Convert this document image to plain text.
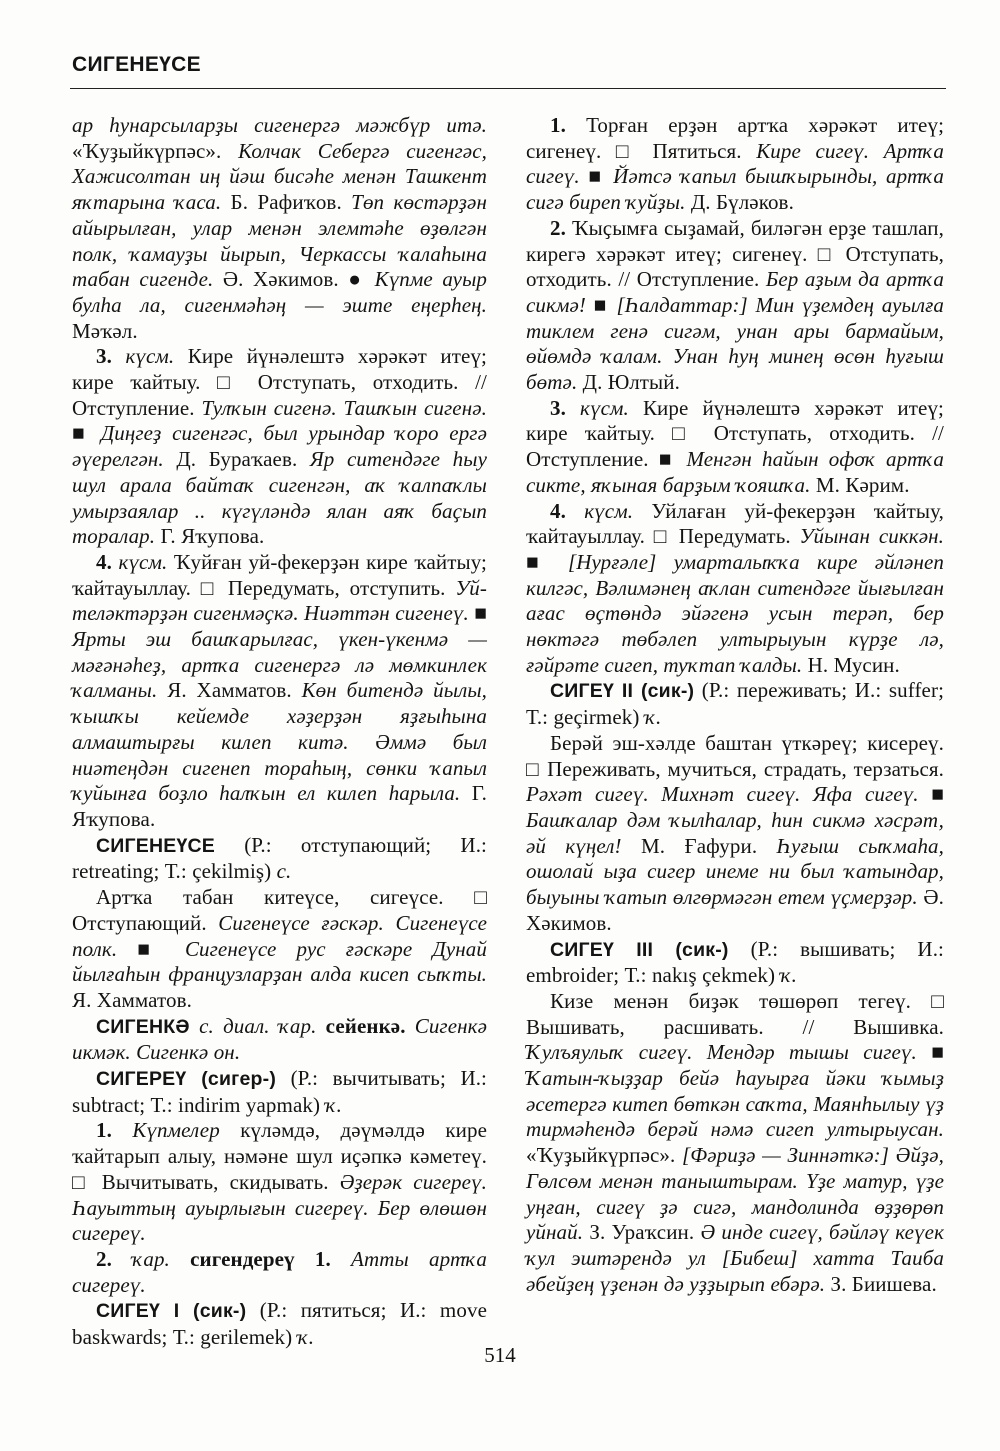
СИГЕНЕҮСЕ

ар һунарсыларҙы сигенергә мәжбүр итә. «Ҡуҙыйкүрпәс». Колчак Себергә сигенгәс, Хажисолтан иң йәш бисәһе менән Ташкент яҡтарына ҡаса. Б. Рафиҡов. Төп көстәрҙән айырылған, улар менән элемтәһе өҙөлгән полк, ҡамауҙы йырып, Черкассы ҡалаһына табан сигенде. Ә. Хәкимов. ● Күпме ауыр булһа ла, сигенмәһәң — эште еңерһең. Мәҡәл.

3. күсм. Кире йүнәлештә хәрәкәт итеү; кире ҡайтыу. □ Отступать, отходить. // Отступление. Тулҡын сигенә. Ташҡын сигенә. ■ Диңгеҙ сигенгәс, был урындар ҡоро ергә әүерелгән. Д. Бураҡаев. Яр ситендәге һыу шул арала байтаҡ сигенгән, аҡ ҡалпаҡлы умырзаялар .. күгүләндә ялан аяҡ баҫып торалар. Г. Яҡупова.

4. күсм. Ҡуйған уй-фекерҙән кире ҡайтыу; ҡайтауыллау. □ Передумать, отступить. Уй-теләктәрҙән сигенмәҫкә. Ниәттән сигенеү. ■ Ярты эш башҡарылғас, үкен-үкенмә — мәғәнәһеҙ, артҡа сигенергә лә мөмкинлек ҡалманы. Я. Хамматов. Көн битендә йылы, ҡышҡы кейемде хәҙерҙән яҙғыһына алмаштырғы килеп китә. Әммә был ниәтеңдән сигенеп тораһың, сөнки ҡапыл ҡуйынға боҙло һалҡын ел килеп һарыла. Г. Яҡупова.

СИГЕНЕҮСЕ (Р.: отступающий; И.: retreating; Т.: çekilmiş) с.

Артҡа табан китеүсе, сигеүсе. □ Отступающий. Сигенеүсе ғәскәр. Сигенеүсе полк. ■ Сигенеүсе рус ғәскәре Дунай йылғаһын французларҙан алда кисеп сыҡты. Я. Хамматов.

СИГЕНКӘ с. диал. ҡар. сейенкә. Сигенкә икмәк. Сигенкә он.

СИГЕРЕҮ (сигер-) (Р.: вычитывать; И.: subtract; Т.: indirim yapmak) ҡ.

1. Күпмелер күләмдә, дәүмәлдә кире ҡайтарып алыу, нәмәне шул иҫәпкә кәметеү. □ Вычитывать, скидывать. Әҙерәк сигереү. Һауыттың ауырлығын сигереү. Бер өлөшөн сигереү.

2. ҡар. сигендереү 1. Атты артҡа сигереү.

СИГЕҮ I (сик-) (Р.: пятиться; И.: move baskwards; Т.: gerilemek) ҡ.

1. Торған ерҙән артҡа хәрәкәт итеү; сигенеү. □ Пятиться. Кире сигеү. Артҡа сигеү. ■ Йәтсә ҡапыл бышҡырынды, артҡа сигә биреп ҡуйҙы. Д. Бүләков.

2. Ҡыҫымға сыҙамай, биләгән ерҙе ташлап, кирегә хәрәкәт итеү; сигенеү. □ Отступать, отходить. // Отступление. Бер аҙым да артҡа сикмә! ■ [Һалдаттар:] Мин үҙемдең ауылға тиклем генә сигәм, унан ары бармайым, өйөмдә ҡалам. Унан һуң минең өсөн һуғыш бөтә. Д. Юлтый.

3. күсм. Кире йүнәлештә хәрәкәт итеү; кире ҡайтыу. □ Отступать, отходить. // Отступление. ■ Менгән һайын офоҡ артҡа сикте, яҡыная барҙым ҡояшҡа. М. Кәрим.

4. күсм. Уйлаған уй-фекерҙән ҡайтыу, ҡайтауыллау. □ Передумать. Уйынан сиккән. ■ [Нурғәле] умарталыҡҡа кире әйләнеп килгәс, Вәлимәнең аҡлан ситендәге йығылған ағас өҫтөндә эйәгенә усын терәп, бер нөктәгә төбәлеп ултырыуын күрҙе лә, ғәйрәте сигеп, туҡтап ҡалды. Н. Мусин.

СИГЕҮ II (сик-) (Р.: переживать; И.: suffer; Т.: geçirmek) ҡ.

Берәй эш-хәлде баштан үткәреү; кисереү. □ Переживать, мучиться, страдать, терзаться. Рәхәт сигеү. Михнәт сигеү. Яфа сигеү. ■ Башҡалар дәм ҡылһалар, һин сикмә хәсрәт, әй күңел! М. Ғафури. Һуғыш сыҡмаһа, ошолай ыҙа сигер инеме ни был ҡатындар, быуыны ҡатып өлгөрмәгән етем үҫмерҙәр. Ә. Хәкимов.

СИГЕҮ III (сик-) (Р.: вышивать; И.: embroider; Т.: nakış çekmek) ҡ.

Кизе менән биҙәк төшөрөп тегеү. □ Вышивать, расшивать. // Вышивка. Ҡулъяулыҡ сигеү. Мендәр тышы сигеү. ■ Ҡатын-ҡыҙҙар бейә һауырға йәки ҡымыҙ әсетергә китеп бөткән саҡта, Маянһылыу үҙ тирмәһендә берәй нәмә сигеп ултырыусан. «Ҡуҙыйкүрпәс». [Фәриҙә — Зиннәткә:] Әйҙә, Гөлсөм менән таныштырам. Үҙе матур, үҙе уңған, сигеү ҙә сигә, мандолинда өҙҙөрөп уйнай. З. Ураҡсин. Ә инде сигеү, бәйләү кеүек ҡул эштәрендә ул [Бибеш] хатта Таиба әбейҙең үҙенән дә уҙҙырып ебәрә. З. Биишева.

514
